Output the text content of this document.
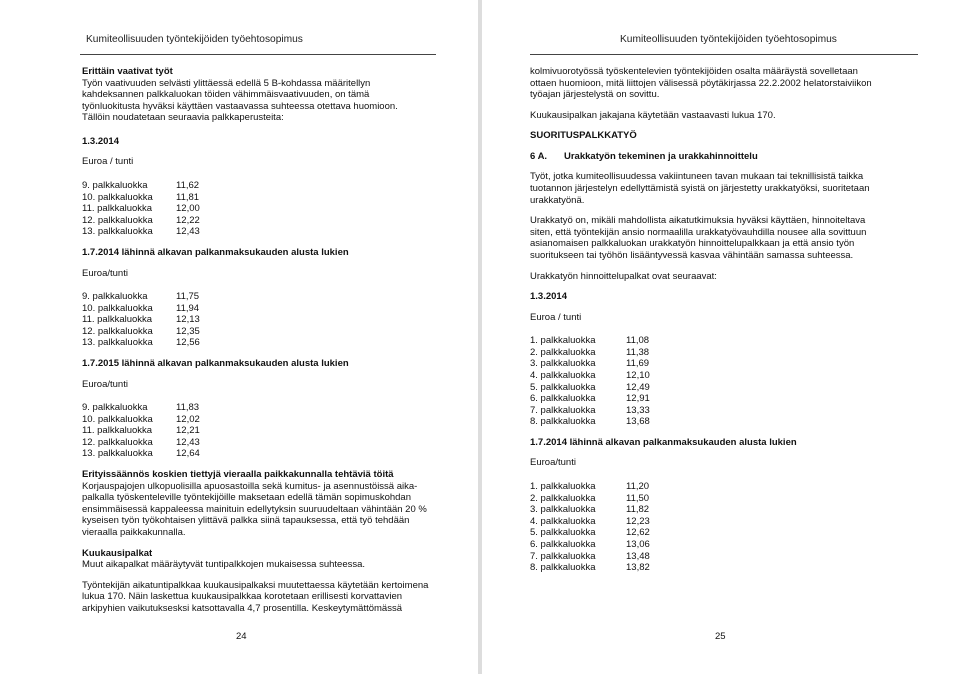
Kumiteollisuuden työntekijöiden työehtosopimus

Erittäin vaativat työt

Työn vaativuuden selvästi ylittäessä edellä 5 B-kohdassa määritellyn

kahdeksannen palkkaluokan töiden vähimmäisvaativuuden, on tämä

työnluokitusta hyväksi käyttäen vastaavassa suhteessa otettava huomioon.

Tällöin noudatetaan seuraavia palkkaperusteita:

1.3.2014

Euroa / tunti

9. palkkaluokka	11,62
10. palkkaluokka	11,81
11. palkkaluokka	12,00
12. palkkaluokka	12,22
13. palkkaluokka	12,43

1.7.2014 lähinnä alkavan palkanmaksukauden alusta lukien

Euroa/tunti

9. palkkaluokka	11,75
10. palkkaluokka	11,94
11. palkkaluokka	12,13
12. palkkaluokka	12,35
13. palkkaluokka	12,56

1.7.2015 lähinnä alkavan palkanmaksukauden alusta lukien

Euroa/tunti

9. palkkaluokka	11,83
10. palkkaluokka	12,02
11. palkkaluokka	12,21
12. palkkaluokka	12,43
13. palkkaluokka	12,64

Erityissäännös koskien tiettyjä vieraalla paikkakunnalla tehtäviä töitä

Korjauspajojen ulkopuolisilla apuosastoilla sekä kumitus- ja asennustöissä aika-

palkalla työskenteleville työntekijöille maksetaan edellä tämän sopimuskohdan

ensimmäisessä kappaleessa mainituin edellytyksin suuruudeltaan vähintään 20 %

kyseisen työn työkohtaisen ylittävä palkka siinä tapauksessa, että työ tehdään

vieraalla paikkakunnalla.

Kuukausipalkat

Muut aikapalkat määräytyvät tuntipalkkojen mukaisessa suhteessa.

Työntekijän aikatuntipalkkaa kuukausipalkaksi muutettaessa käytetään kertoimena

lukua 170. Näin laskettua kuukausipalkkaa korotetaan erillisesti korvattavien

arkipyhien vaikutuksesksi katsottavalla 4,7 prosentilla. Keskeytymättömässä

24
Kumiteollisuuden työntekijöiden työehtosopimus

kolmivuorotyössä työskentelevien työntekijöiden osalta määräystä sovelletaan

ottaen huomioon, mitä liittojen välisessä pöytäkirjassa 22.2.2002 helatorstaiviikon

työajan järjestelystä on sovittu.

Kuukausipalkan jakajana käytetään vastaavasti lukua 170.

SUORITUSPALKKATYÖ

6 A.	Urakkatyön tekeminen ja urakkahinnoittelu

Työt, jotka kumiteollisuudessa vakiintuneen tavan mukaan tai teknillisistä taikka

tuotannon järjestelyn edellyttämistä syistä on järjestetty urakkatyöksi, suoritetaan

urakkatyönä.

Urakkatyö on, mikäli mahdollista aikatutkimuksia hyväksi käyttäen, hinnoiteltava

siten, että työntekijän ansio normaalilla urakkatyövauhdilla nousee alla sovittuun

asianomaisen palkkaluokan urakkatyön hinnoittelupalkkaan ja että ansio työn

suoritukseen tai työhön lisääntyvessä kasvaa vähintään samassa suhteessa.

Urakkatyön hinnoittelupalkat ovat seuraavat:

1.3.2014

Euroa / tunti

1. palkkaluokka	11,08
2. palkkaluokka	11,38
3. palkkaluokka	11,69
4. palkkaluokka	12,10
5. palkkaluokka	12,49
6. palkkaluokka	12,91
7. palkkaluokka	13,33
8. palkkaluokka	13,68

1.7.2014 lähinnä alkavan palkanmaksukauden alusta lukien

Euroa/tunti

1. palkkaluokka	11,20
2. palkkaluokka	11,50
3. palkkaluokka	11,82
4. palkkaluokka	12,23
5. palkkaluokka	12,62
6. palkkaluokka	13,06
7. palkkaluokka	13,48
8. palkkaluokka	13,82
25
